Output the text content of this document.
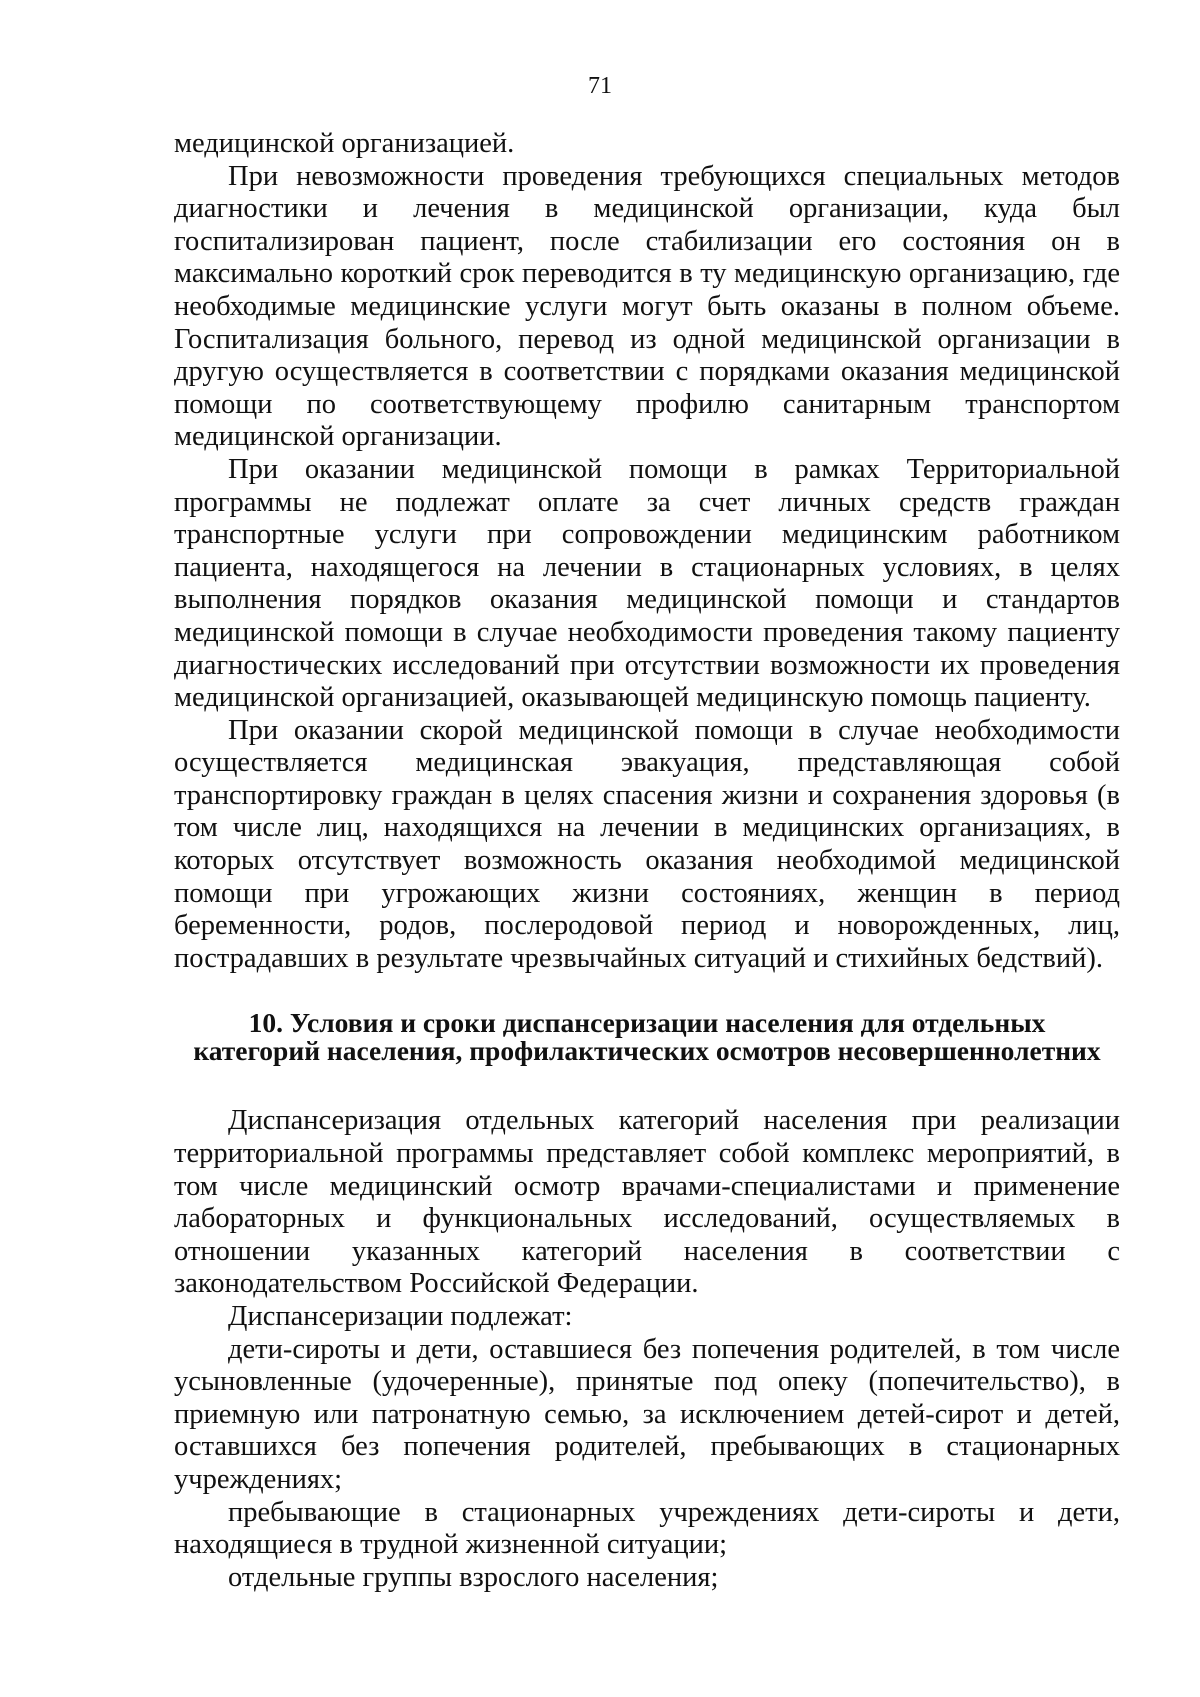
71

медицинской организацией.

При невозможности проведения требующихся специальных методов диагностики и лечения в медицинской организации, куда был госпитализирован пациент, после стабилизации его состояния он в максимально короткий срок переводится в ту медицинскую организацию, где необходимые медицинские услуги могут быть оказаны в полном объеме. Госпитализация больного, перевод из одной медицинской организации в другую осуществляется в соответствии с порядками оказания медицинской помощи по соответствующему профилю санитарным транспортом медицинской организации.

При оказании медицинской помощи в рамках Территориальной программы не подлежат оплате за счет личных средств граждан транспортные услуги при сопровождении медицинским работником пациента, находящегося на лечении в стационарных условиях, в целях выполнения порядков оказания медицинской помощи и стандартов медицинской помощи в случае необходимости проведения такому пациенту диагностических исследований при отсутствии возможности их проведения медицинской организацией, оказывающей медицинскую помощь пациенту.

При оказании скорой медицинской помощи в случае необходимости осуществляется медицинская эвакуация, представляющая собой транспортировку граждан в целях спасения жизни и сохранения здоровья (в том числе лиц, находящихся на лечении в медицинских организациях, в которых отсутствует возможность оказания необходимой медицинской помощи при угрожающих жизни состояниях, женщин в период беременности, родов, послеродовой период и новорожденных, лиц, пострадавших в результате чрезвычайных ситуаций и стихийных бедствий).

10. Условия и сроки диспансеризации населения для отдельных
категорий населения, профилактических осмотров несовершеннолетних

Диспансеризация отдельных категорий населения при реализации территориальной программы представляет собой комплекс мероприятий, в том числе медицинский осмотр врачами-специалистами и применение лабораторных и функциональных исследований, осуществляемых в отношении указанных категорий населения в соответствии с законодательством Российской Федерации.

Диспансеризации подлежат:

дети-сироты и дети, оставшиеся без попечения родителей, в том числе усыновленные (удочеренные), принятые под опеку (попечительство), в приемную или патронатную семью, за исключением детей-сирот и детей, оставшихся без попечения родителей, пребывающих в стационарных учреждениях;

пребывающие в стационарных учреждениях дети-сироты и дети, находящиеся в трудной жизненной ситуации;

отдельные группы взрослого населения;
